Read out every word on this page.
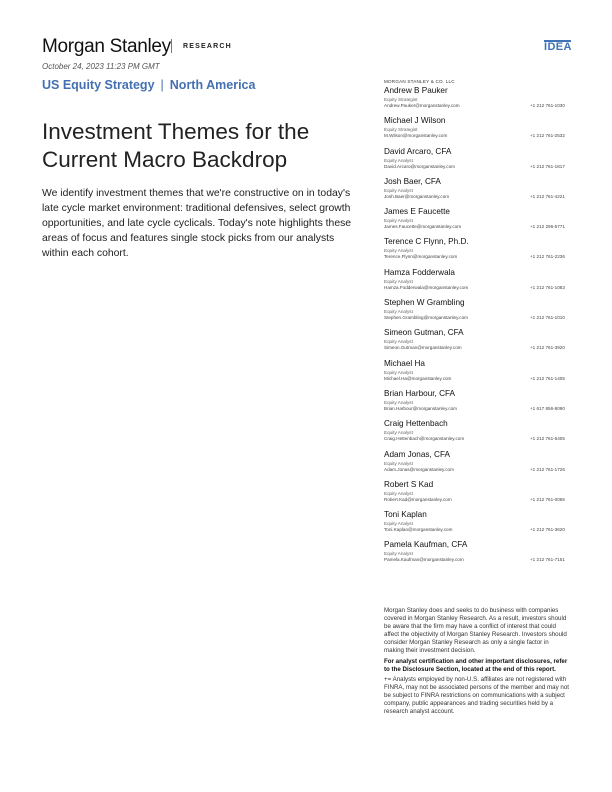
Morgan Stanley RESEARCH	IDEA
October 24, 2023 11:23 PM GMT
US Equity Strategy | North America
Investment Themes for the Current Macro Backdrop

We identify investment themes that we're constructive on in today's late cycle market environment: traditional defensives, select growth opportunities, and late cycle cyclicals. Today's note highlights these areas of focus and features single stock picks from our analysts within each cohort.

MORGAN STANLEY & CO. LLC
Andrew B Pauker
Equity Strategist
Andrew.Pauker@morganstanley.com	+1 212 761-1030
Michael J Wilson
Equity Strategist
M.Wilson@morganstanley.com	+1 212 761-2532
David Arcaro, CFA
Equity Analyst
David.Arcaro@morganstanley.com	+1 212 761-1817
Josh Baer, CFA
Equity Analyst
Josh.Baer@morganstanley.com	+1 212 761-4221
James E Faucette
Equity Analyst
James.Faucette@morganstanley.com	+1 212 296-5771
Terence C Flynn, Ph.D.
Equity Analyst
Terence.Flynn@morganstanley.com	+1 212 761-2236
Hamza Fodderwala
Equity Analyst
Hamza.Fodderwala@morganstanley.com	+1 212 761-1083
Stephen W Grambling
Equity Analyst
Stephen.Grambling@morganstanley.com	+1 212 761-1010
Simeon Gutman, CFA
Equity Analyst
Simeon.Gutman@morganstanley.com	+1 212 761-3920
Michael Ha
Equity Analyst
Michael.Ha@morganstanley.com	+1 212 761-1405
Brian Harbour, CFA
Equity Analyst
Brian.Harbour@morganstanley.com	+1 617 856-8090
Craig Hettenbach
Equity Analyst
Craig.Hettenbach@morganstanley.com	+1 212 761-6405
Adam Jonas, CFA
Equity Analyst
Adam.Jonas@morganstanley.com	+1 212 761-1726
Robert S Kad
Equity Analyst
Robert.Kad@morganstanley.com	+1 212 761-0065
Toni Kaplan
Equity Analyst
Toni.Kaplan@morganstanley.com	+1 212 761-3620
Pamela Kaufman, CFA
Equity Analyst
Pamela.Kaufman@morganstanley.com	+1 212 761-7151

Morgan Stanley does and seeks to do business with companies covered in Morgan Stanley Research. As a result, investors should be aware that the firm may have a conflict of interest that could affect the objectivity of Morgan Stanley Research. Investors should consider Morgan Stanley Research as only a single factor in making their investment decision.

For analyst certification and other important disclosures, refer to the Disclosure Section, located at the end of this report.

+= Analysts employed by non-U.S. affiliates are not registered with FINRA, may not be associated persons of the member and may not be subject to FINRA restrictions on communications with a subject company, public appearances and trading securities held by a research analyst account.
